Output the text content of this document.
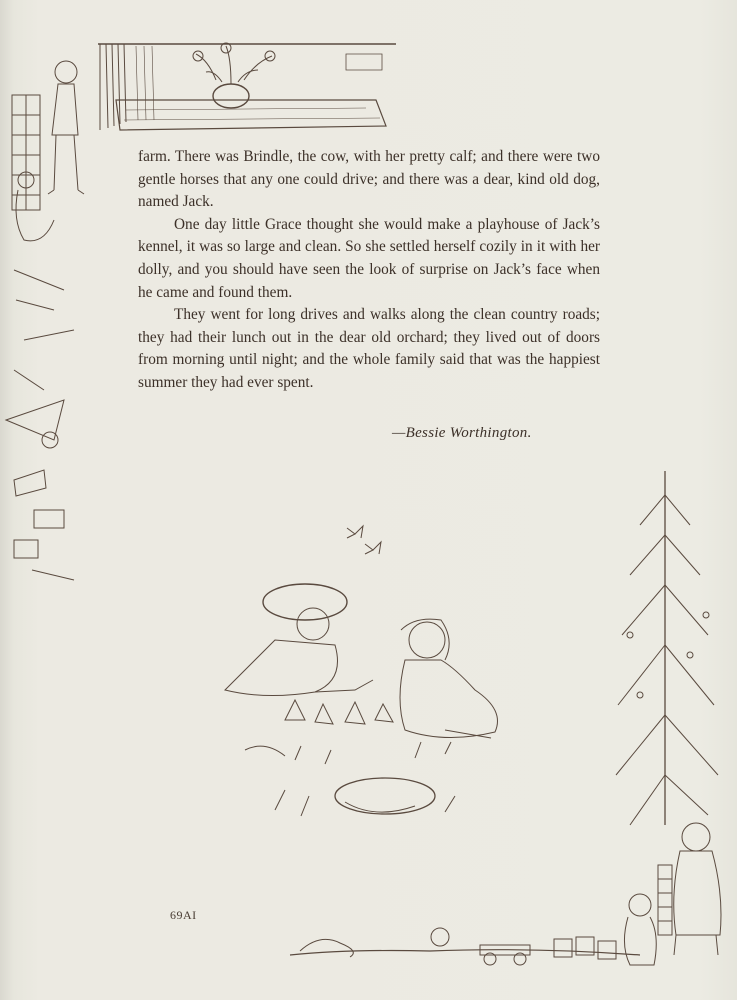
farm. There was Brindle, the cow, with her pretty calf; and there were two gentle horses that any one could drive; and there was a dear, kind old dog, named Jack.

One day little Grace thought she would make a playhouse of Jack’s kennel, it was so large and clean. So she settled herself cozily in it with her dolly, and you should have seen the look of surprise on Jack’s face when he came and found them.

They went for long drives and walks along the clean country roads; they had their lunch out in the dear old orchard; they lived out of doors from morning until night; and the whole family said that was the happiest summer they had ever spent.

—Bessie Worthington.
69AI
